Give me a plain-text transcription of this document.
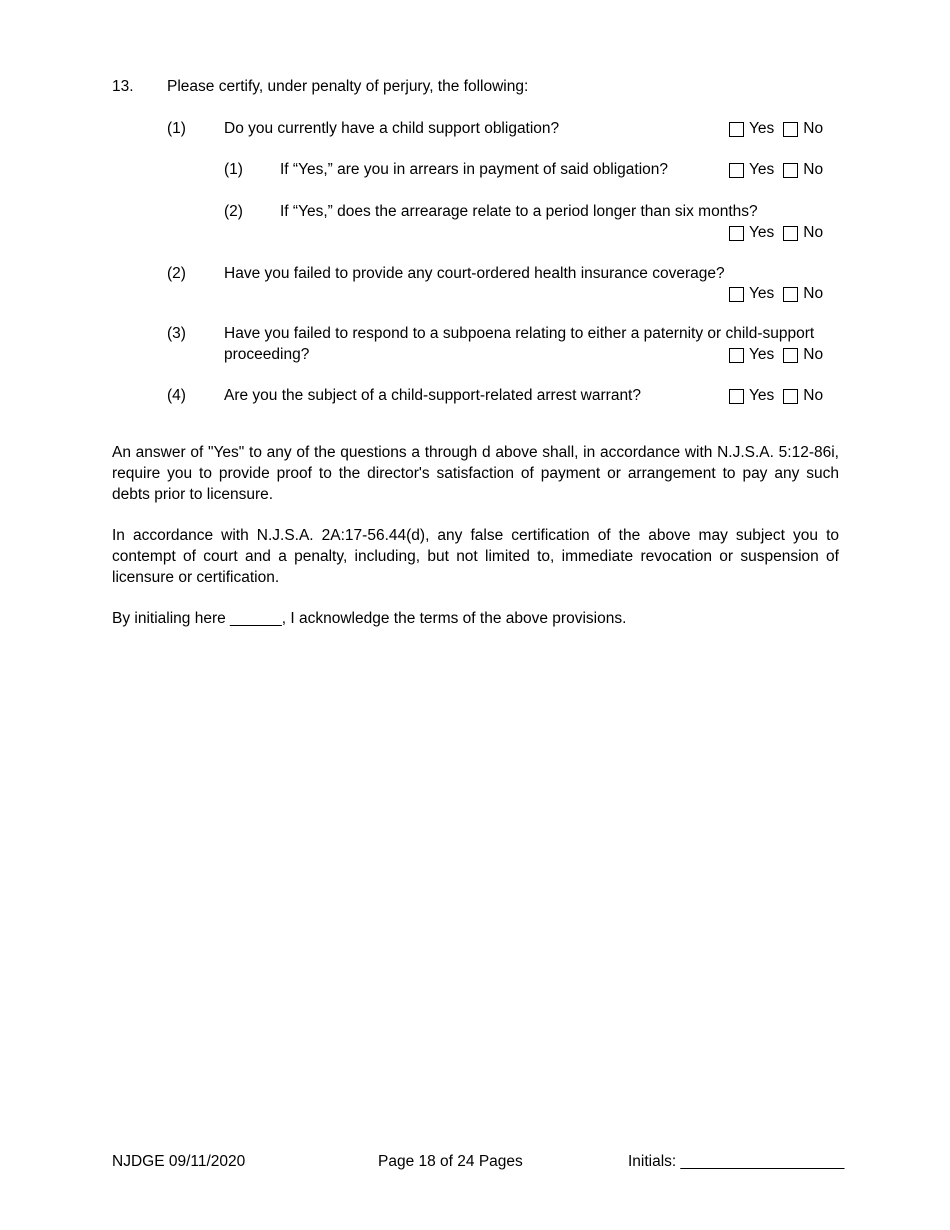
13. Please certify, under penalty of perjury, the following:
(1) Do you currently have a child support obligation?	Yes No
(1) If “Yes,” are you in arrears in payment of said obligation?	Yes No
(2) If “Yes,” does the arrearage relate to a period longer than six months?
Yes No
(2) Have you failed to provide any court-ordered health insurance coverage?
Yes No
(3) Have you failed to respond to a subpoena relating to either a paternity or child-support
proceeding?	Yes No
(4) Are you the subject of a child-support-related arrest warrant?	Yes No
An answer of "Yes" to any of the questions a through d above shall, in accordance with N.J.S.A. 5:12-86i, require you to provide proof to the director's satisfaction of payment or arrangement to pay any such debts prior to licensure.
In accordance with N.J.S.A. 2A:17-56.44(d), any false certification of the above may subject you to contempt of court and a penalty, including, but not limited to, immediate revocation or suspension of licensure or certification.
By initialing here ______, I acknowledge the terms of the above provisions.
NJDGE 09/11/2020	Page 18 of 24 Pages	Initials: ___________________
